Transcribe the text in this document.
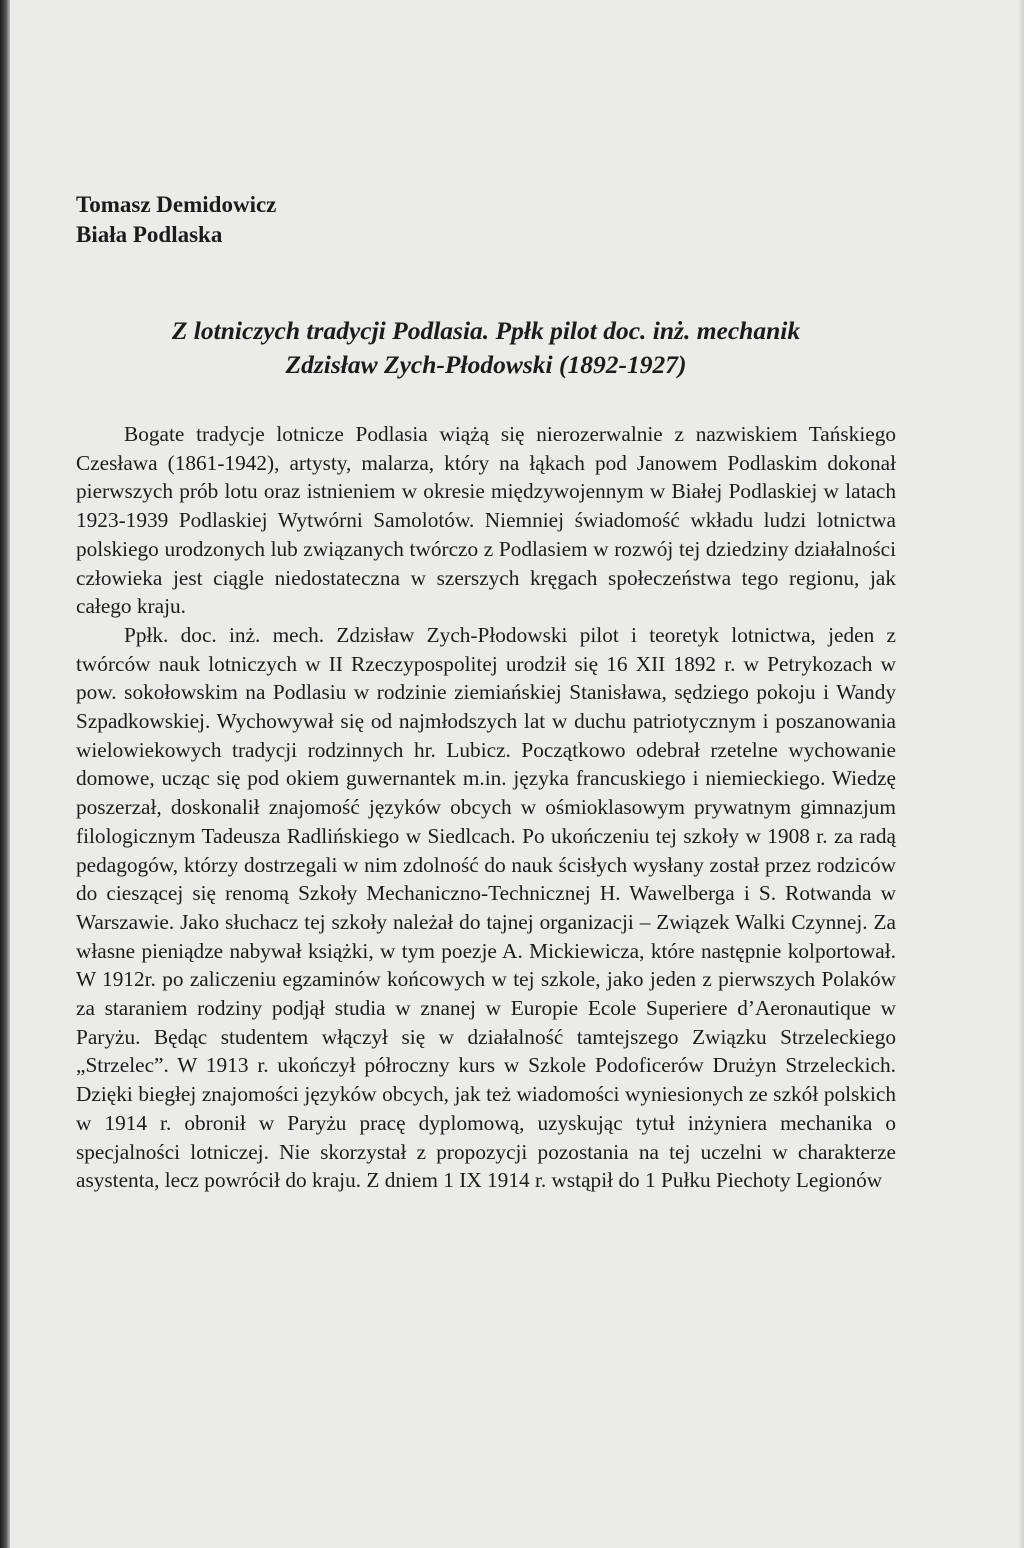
Tomasz Demidowicz

Biała Podlaska

Z lotniczych tradycji Podlasia. Ppłk pilot doc. inż. mechanik
Zdzisław Zych-Płodowski (1892-1927)

Bogate tradycje lotnicze Podlasia wiążą się nierozerwalnie z nazwiskiem Tańskiego Czesława (1861-1942), artysty, malarza, który na łąkach pod Janowem Podlaskim dokonał pierwszych prób lotu oraz istnieniem w okresie międzywojennym w Białej Podlaskiej w latach 1923-1939 Podlaskiej Wytwórni Samolotów. Niemniej świadomość wkładu ludzi lotnictwa polskiego urodzonych lub związanych twórczo z Podlasiem w rozwój tej dziedziny działalności człowieka jest ciągle niedostateczna w szerszych kręgach społeczeństwa tego regionu, jak całego kraju.

Ppłk. doc. inż. mech. Zdzisław Zych-Płodowski pilot i teoretyk lotnictwa, jeden z twórców nauk lotniczych w II Rzeczypospolitej urodził się 16 XII 1892 r. w Petrykozach w pow. sokołowskim na Podlasiu w rodzinie ziemiańskiej Stanisława, sędziego pokoju i Wandy Szpadkowskiej. Wychowywał się od najmłodszych lat w duchu patriotycznym i poszanowania wielowiekowych tradycji rodzinnych hr. Lubicz. Początkowo odebrał rzetelne wychowanie domowe, ucząc się pod okiem guwernantek m.in. języka francuskiego i niemieckiego. Wiedzę poszerzał, doskonalił znajomość języków obcych w ośmioklasowym prywatnym gimnazjum filologicznym Tadeusza Radlińskiego w Siedlcach. Po ukończeniu tej szkoły w 1908 r. za radą pedagogów, którzy dostrzegali w nim zdolność do nauk ścisłych wysłany został przez rodziców do cieszącej się renomą Szkoły Mechaniczno-Technicznej H. Wawelberga i S. Rotwanda w Warszawie. Jako słuchacz tej szkoły należał do tajnej organizacji – Związek Walki Czynnej. Za własne pieniądze nabywał książki, w tym poezje A. Mickiewicza, które następnie kolportował. W 1912r. po zaliczeniu egzaminów końcowych w tej szkole, jako jeden z pierwszych Polaków za staraniem rodziny podjął studia w znanej w Europie Ecole Superiere d’Aeronautique w Paryżu. Będąc studentem włączył się w działalność tamtejszego Związku Strzeleckiego „Strzelec”. W 1913 r. ukończył półroczny kurs w Szkole Podoficerów Drużyn Strzeleckich. Dzięki biegłej znajomości języków obcych, jak też wiadomości wyniesionych ze szkół polskich w 1914 r. obronił w Paryżu pracę dyplomową, uzyskując tytuł inżyniera mechanika o specjalności lotniczej. Nie skorzystał z propozycji pozostania na tej uczelni w charakterze asystenta, lecz powrócił do kraju. Z dniem 1 IX 1914 r. wstąpił do 1 Pułku Piechoty Legionów
